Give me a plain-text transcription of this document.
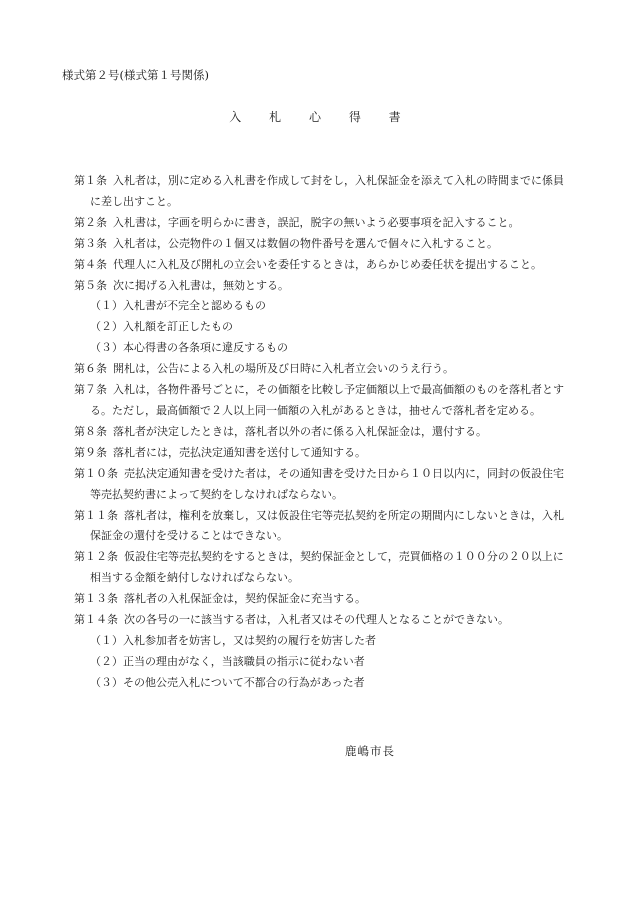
様式第２号(様式第１号関係)
入 札 心 得 書

第１条 入札者は，別に定める入札書を作成して封をし，入札保証金を添えて入札の時間までに係員に差し出すこと。

第２条 入札書は，字画を明らかに書き，誤記，脱字の無いよう必要事項を記入すること。

第３条 入札者は，公売物件の１個又は数個の物件番号を選んで個々に入札すること。

第４条 代理人に入札及び開札の立会いを委任するときは，あらかじめ委任状を提出すること。

第５条 次に掲げる入札書は，無効とする。

（１）入札書が不完全と認めるもの

（２）入札額を訂正したもの

（３）本心得書の各条項に違反するもの

第６条 開札は，公告による入札の場所及び日時に入札者立会いのうえ行う。

第７条 入札は，各物件番号ごとに，その価額を比較し予定価額以上で最高価額のものを落札者とする。ただし，最高価額で２人以上同一価額の入札があるときは，抽せんで落札者を定める。

第８条 落札者が決定したときは，落札者以外の者に係る入札保証金は，還付する。

第９条 落札者には，売払決定通知書を送付して通知する。

第１０条 売払決定通知書を受けた者は，その通知書を受けた日から１０日以内に，同封の仮設住宅等売払契約書によって契約をしなければならない。

第１１条 落札者は，権利を放棄し，又は仮設住宅等売払契約を所定の期間内にしないときは，入札保証金の還付を受けることはできない。

第１２条 仮設住宅等売払契約をするときは，契約保証金として，売買価格の１００分の２０以上に相当する金額を納付しなければならない。

第１３条 落札者の入札保証金は，契約保証金に充当する。

第１４条 次の各号の一に該当する者は，入札者又はその代理人となることができない。

（１）入札参加者を妨害し，又は契約の履行を妨害した者

（２）正当の理由がなく，当該職員の指示に従わない者

（３）その他公売入札について不都合の行為があった者

鹿嶋市長
